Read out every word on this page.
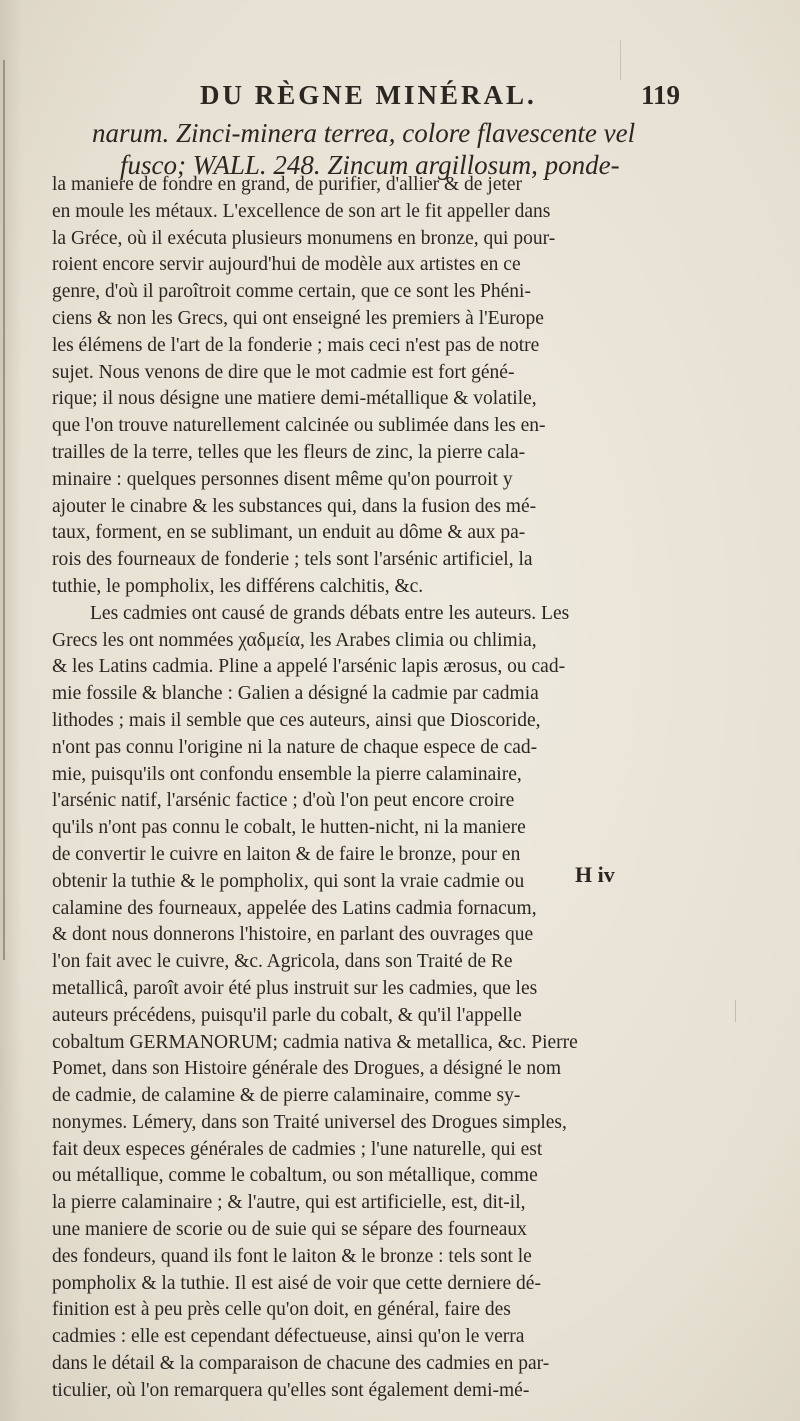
DU RÈGNE MINÉRAL.	119
narum. Zinci-minera terrea, colore flavescente vel
fusco; WALL. 248. Zincum argillosum, ponde-
la maniere de fondre en grand, de purifier, d'allier & de jeter
en moule les métaux. L'excellence de son art le fit appeller dans
la Gréce, où il exécuta plusieurs monumens en bronze, qui pour-
roient encore servir aujourd'hui de modèle aux artistes en ce
genre, d'où il paroîtroit comme certain, que ce sont les Phéni-
ciens & non les Grecs, qui ont enseigné les premiers à l'Europe
les élémens de l'art de la fonderie ; mais ceci n'est pas de notre
sujet. Nous venons de dire que le mot cadmie est fort géné-
rique; il nous désigne une matiere demi-métallique & volatile,
que l'on trouve naturellement calcinée ou sublimée dans les en-
trailles de la terre, telles que les fleurs de zinc, la pierre cala-
minaire : quelques personnes disent même qu'on pourroit y
ajouter le cinabre & les substances qui, dans la fusion des mé-
taux, forment, en se sublimant, un enduit au dôme & aux pa-
rois des fourneaux de fonderie ; tels sont l'arsénic artificiel, la
tuthie, le pompholix, les différens calchitis, &c.
Les cadmies ont causé de grands débats entre les auteurs. Les
Grecs les ont nommées χαδμεία, les Arabes climia ou chlimia,
& les Latins cadmia. Pline a appelé l'arsénic lapis ærosus, ou cad-
mie fossile & blanche : Galien a désigné la cadmie par cadmia
lithodes ; mais il semble que ces auteurs, ainsi que Dioscoride,
n'ont pas connu l'origine ni la nature de chaque espece de cad-
mie, puisqu'ils ont confondu ensemble la pierre calaminaire,
l'arsénic natif, l'arsénic factice ; d'où l'on peut encore croire
qu'ils n'ont pas connu le cobalt, le hutten-nicht, ni la maniere
de convertir le cuivre en laiton & de faire le bronze, pour en
obtenir la tuthie & le pompholix, qui sont la vraie cadmie ou
calamine des fourneaux, appelée des Latins cadmia fornacum,
& dont nous donnerons l'histoire, en parlant des ouvrages que
l'on fait avec le cuivre, &c. Agricola, dans son Traité de Re
metallicâ, paroît avoir été plus instruit sur les cadmies, que les
auteurs précédens, puisqu'il parle du cobalt, & qu'il l'appelle
cobaltum GERMANORUM; cadmia nativa & metallica, &c. Pierre
Pomet, dans son Histoire générale des Drogues, a désigné le nom
de cadmie, de calamine & de pierre calaminaire, comme sy-
nonymes. Lémery, dans son Traité universel des Drogues simples,
fait deux especes générales de cadmies ; l'une naturelle, qui est
ou métallique, comme le cobaltum, ou son métallique, comme
la pierre calaminaire ; & l'autre, qui est artificielle, est, dit-il,
une maniere de scorie ou de suie qui se sépare des fourneaux
des fondeurs, quand ils font le laiton & le bronze : tels sont le
pompholix & la tuthie. Il est aisé de voir que cette derniere dé-
finition est à peu près celle qu'on doit, en général, faire des
cadmies : elle est cependant défectueuse, ainsi qu'on le verra
dans le détail & la comparaison de chacune des cadmies en par-
ticulier, où l'on remarquera qu'elles sont également demi-mé-
H iv
